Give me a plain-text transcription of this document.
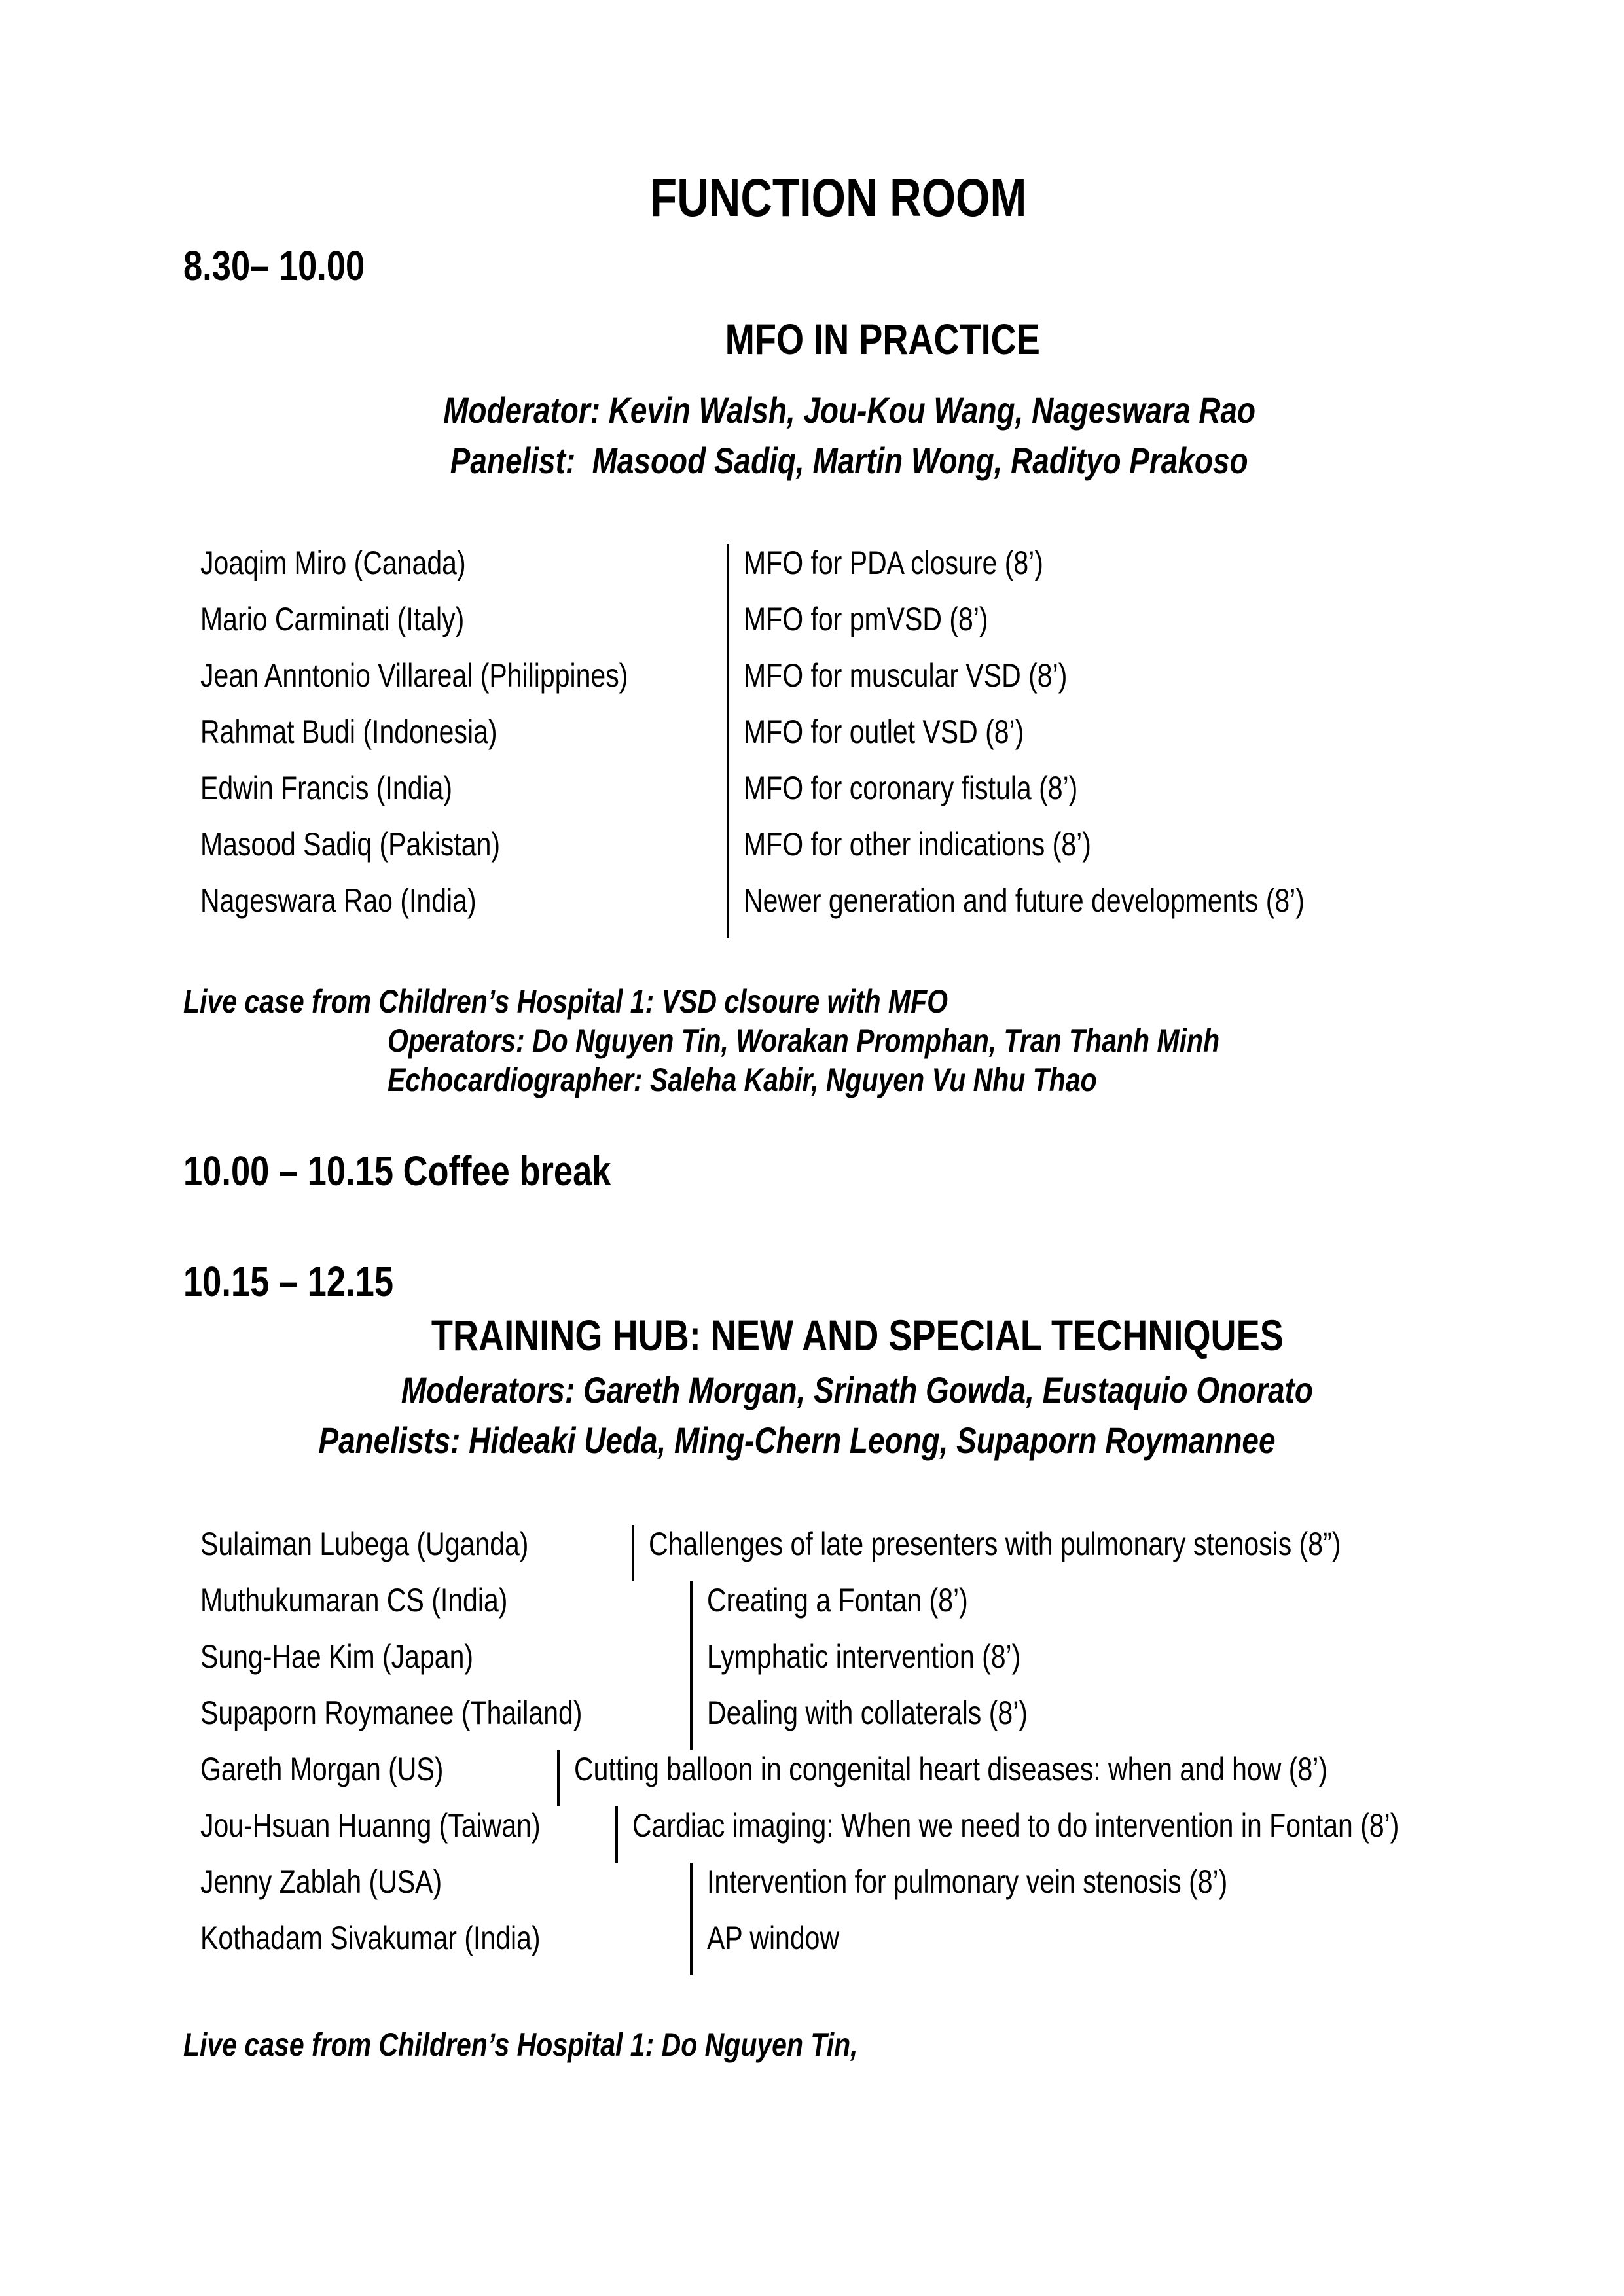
FUNCTION ROOM
8.30– 10.00
MFO IN PRACTICE
Moderator: Kevin Walsh, Jou-Kou Wang, Nageswara Rao
Panelist:  Masood Sadiq, Martin Wong, Radityo Prakoso
Joaqim Miro (Canada)	MFO for PDA closure (8’)
Mario Carminati (Italy)	MFO for pmVSD (8’)
Jean Anntonio Villareal (Philippines)	MFO for muscular VSD (8’)
Rahmat Budi (Indonesia)	MFO for outlet VSD (8’)
Edwin Francis (India)	MFO for coronary fistula (8’)
Masood Sadiq (Pakistan)	MFO for other indications (8’)
Nageswara Rao (India)	Newer generation and future developments (8’)
Live case from Children’s Hospital 1: VSD clsoure with MFO
Operators: Do Nguyen Tin, Worakan Promphan, Tran Thanh Minh
Echocardiographer: Saleha Kabir, Nguyen Vu Nhu Thao
10.00 – 10.15 Coffee break
10.15 – 12.15
TRAINING HUB: NEW AND SPECIAL TECHNIQUES
Moderators: Gareth Morgan, Srinath Gowda, Eustaquio Onorato
Panelists: Hideaki Ueda, Ming-Chern Leong, Supaporn Roymannee
Sulaiman Lubega (Uganda)	Challenges of late presenters with pulmonary stenosis (8”)
Muthukumaran CS (India)	Creating a Fontan (8’)
Sung-Hae Kim (Japan)	Lymphatic intervention (8’)
Supaporn Roymanee (Thailand)	Dealing with collaterals (8’)
Gareth Morgan (US)	Cutting balloon in congenital heart diseases: when and how (8’)
Jou-Hsuan Huanng (Taiwan)	Cardiac imaging: When we need to do intervention in Fontan (8’)
Jenny Zablah (USA)	Intervention for pulmonary vein stenosis (8’)
Kothadam Sivakumar (India)	AP window
Live case from Children’s Hospital 1: Do Nguyen Tin,
